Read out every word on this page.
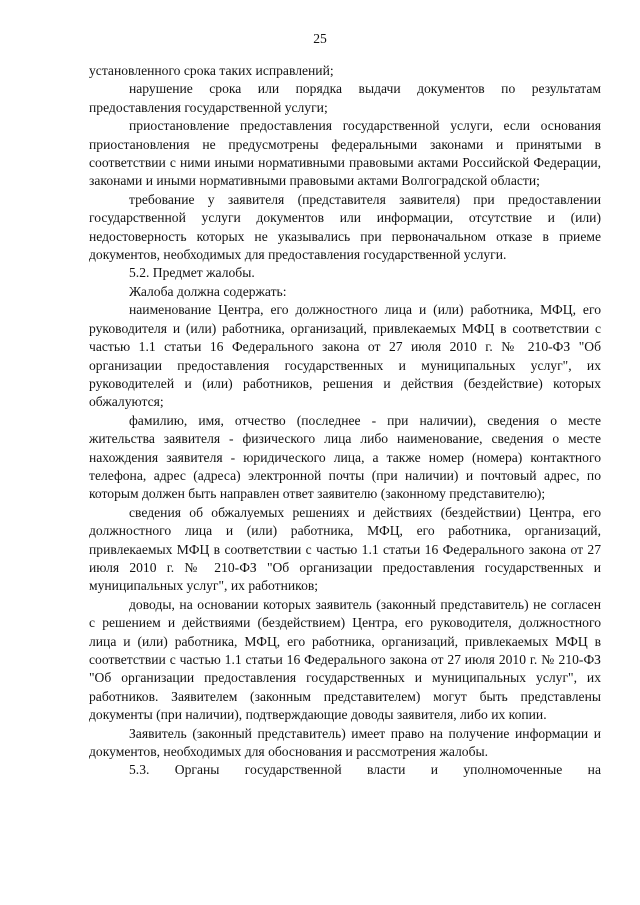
25

установленного срока таких исправлений;

нарушение срока или порядка выдачи документов по результатам предоставления государственной услуги;

приостановление предоставления государственной услуги, если основания приостановления не предусмотрены федеральными законами и принятыми в соответствии с ними иными нормативными правовыми актами Российской Федерации, законами и иными нормативными правовыми актами Волгоградской области;

требование у заявителя (представителя заявителя) при предоставлении государственной услуги документов или информации, отсутствие и (или) недостоверность которых не указывались при первоначальном отказе в приеме документов, необходимых для предоставления государственной услуги.

5.2. Предмет жалобы.

Жалоба должна содержать:

наименование Центра, его должностного лица и (или) работника, МФЦ, его руководителя и (или) работника, организаций, привлекаемых МФЦ в соответствии с частью 1.1 статьи 16 Федерального закона от 27 июля 2010 г. № 210-ФЗ "Об организации предоставления государственных и муниципальных услуг", их руководителей и (или) работников, решения и действия (бездействие) которых обжалуются;

фамилию, имя, отчество (последнее - при наличии), сведения о месте жительства заявителя - физического лица либо наименование, сведения о месте нахождения заявителя - юридического лица, а также номер (номера) контактного телефона, адрес (адреса) электронной почты (при наличии) и почтовый адрес, по которым должен быть направлен ответ заявителю (законному представителю);

сведения об обжалуемых решениях и действиях (бездействии) Центра, его должностного лица и (или) работника, МФЦ, его работника, организаций, привлекаемых МФЦ в соответствии с частью 1.1 статьи 16 Федерального закона от 27 июля 2010 г. № 210-ФЗ "Об организации предоставления государственных и муниципальных услуг", их работников;

доводы, на основании которых заявитель (законный представитель) не согласен с решением и действиями (бездействием) Центра, его руководителя, должностного лица и (или) работника, МФЦ, его работника, организаций, привлекаемых МФЦ в соответствии с частью 1.1 статьи 16 Федерального закона от 27 июля 2010 г. № 210-ФЗ "Об организации предоставления государственных и муниципальных услуг", их работников. Заявителем (законным представителем) могут быть представлены документы (при наличии), подтверждающие доводы заявителя, либо их копии.

Заявитель (законный представитель) имеет право на получение информации и документов, необходимых для обоснования и рассмотрения жалобы.

5.3. Органы государственной власти и уполномоченные на
